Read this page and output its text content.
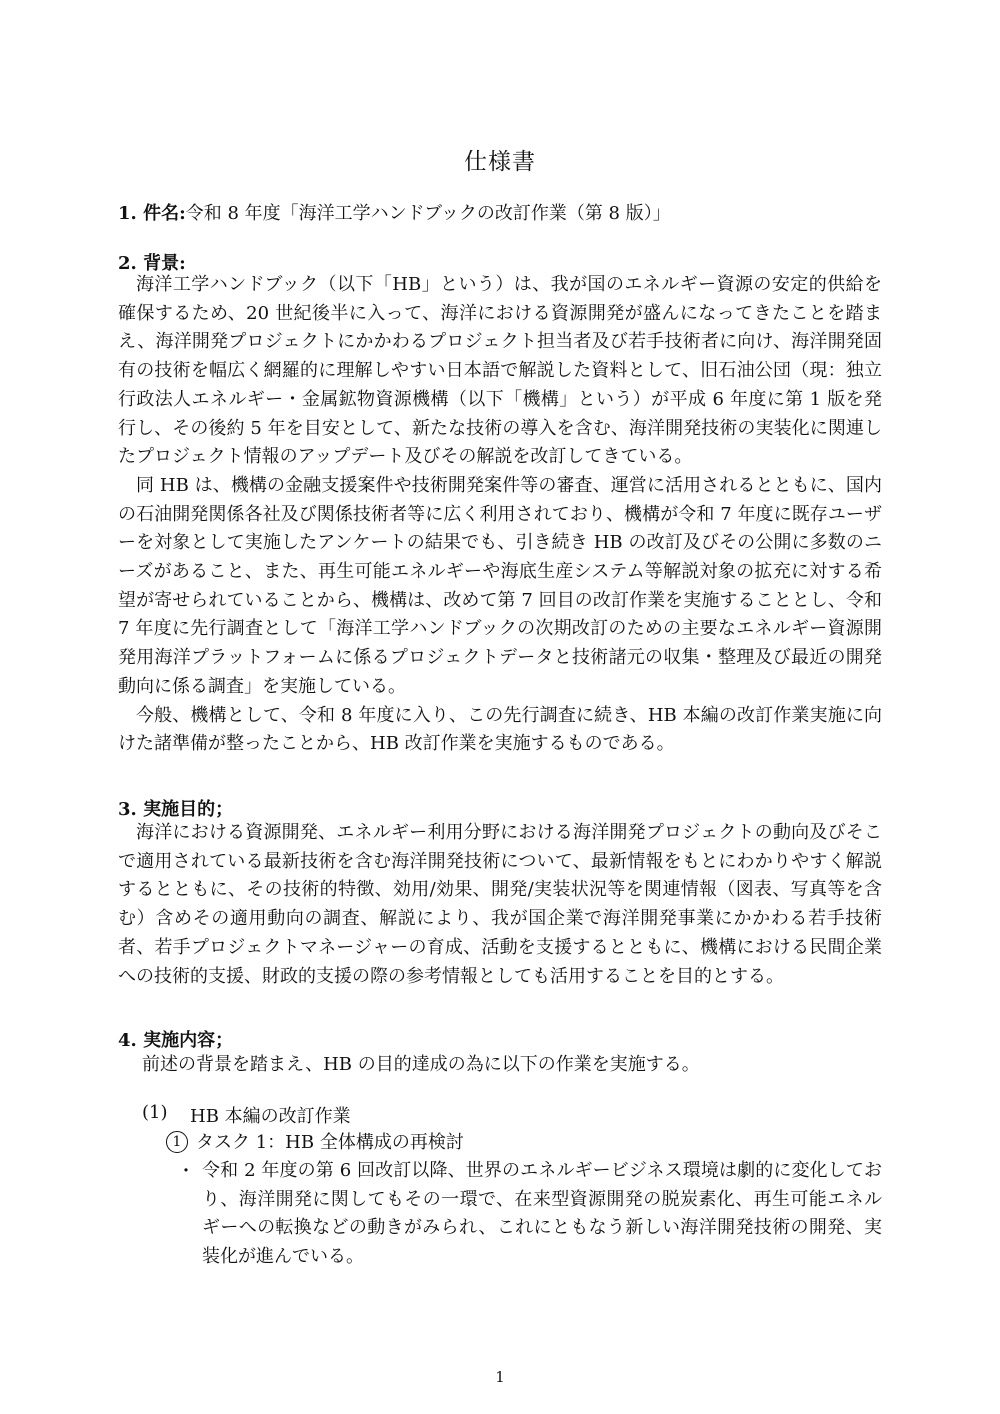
仕様書
1. 件名:令和 8 年度「海洋工学ハンドブックの改訂作業（第 8 版）」
2. 背景:

海洋工学ハンドブック（以下「HB」という）は、我が国のエネルギー資源の安定的供給を確保するため、20 世紀後半に入って、海洋における資源開発が盛んになってきたことを踏まえ、海洋開発プロジェクトにかかわるプロジェクト担当者及び若手技術者に向け、海洋開発固有の技術を幅広く網羅的に理解しやすい日本語で解説した資料として、旧石油公団（現：独立行政法人エネルギー・金属鉱物資源機構（以下「機構」という）が平成 6 年度に第 1 版を発行し、その後約 5 年を目安として、新たな技術の導入を含む、海洋開発技術の実装化に関連したプロジェクト情報のアップデート及びその解説を改訂してきている。

同 HB は、機構の金融支援案件や技術開発案件等の審査、運営に活用されるとともに、国内の石油開発関係各社及び関係技術者等に広く利用されており、機構が令和 7 年度に既存ユーザーを対象として実施したアンケートの結果でも、引き続き HB の改訂及びその公開に多数のニーズがあること、また、再生可能エネルギーや海底生産システム等解説対象の拡充に対する希望が寄せられていることから、機構は、改めて第 7 回目の改訂作業を実施することとし、令和 7 年度に先行調査として「海洋工学ハンドブックの次期改訂のための主要なエネルギー資源開発用海洋プラットフォームに係るプロジェクトデータと技術諸元の収集・整理及び最近の開発動向に係る調査」を実施している。

今般、機構として、令和 8 年度に入り、この先行調査に続き、HB 本編の改訂作業実施に向けた諸準備が整ったことから、HB 改訂作業を実施するものである。

3. 実施目的；

海洋における資源開発、エネルギー利用分野における海洋開発プロジェクトの動向及びそこで適用されている最新技術を含む海洋開発技術について、最新情報をもとにわかりやすく解説するとともに、その技術的特徴、効用/効果、開発/実装状況等を関連情報（図表、写真等を含む）含めその適用動向の調査、解説により、我が国企業で海洋開発事業にかかわる若手技術者、若手プロジェクトマネージャーの育成、活動を支援するとともに、機構における民間企業への技術的支援、財政的支援の際の参考情報としても活用することを目的とする。

4. 実施内容；
前述の背景を踏まえ、HB の目的達成の為に以下の作業を実施する。
(1) HB 本編の改訂作業
1 タスク 1：HB 全体構成の再検討
・ 令和 2 年度の第 6 回改訂以降、世界のエネルギービジネス環境は劇的に変化しており、海洋開発に関してもその一環で、在来型資源開発の脱炭素化、再生可能エネルギーへの転換などの動きがみられ、これにともなう新しい海洋開発技術の開発、実装化が進んでいる。
1
